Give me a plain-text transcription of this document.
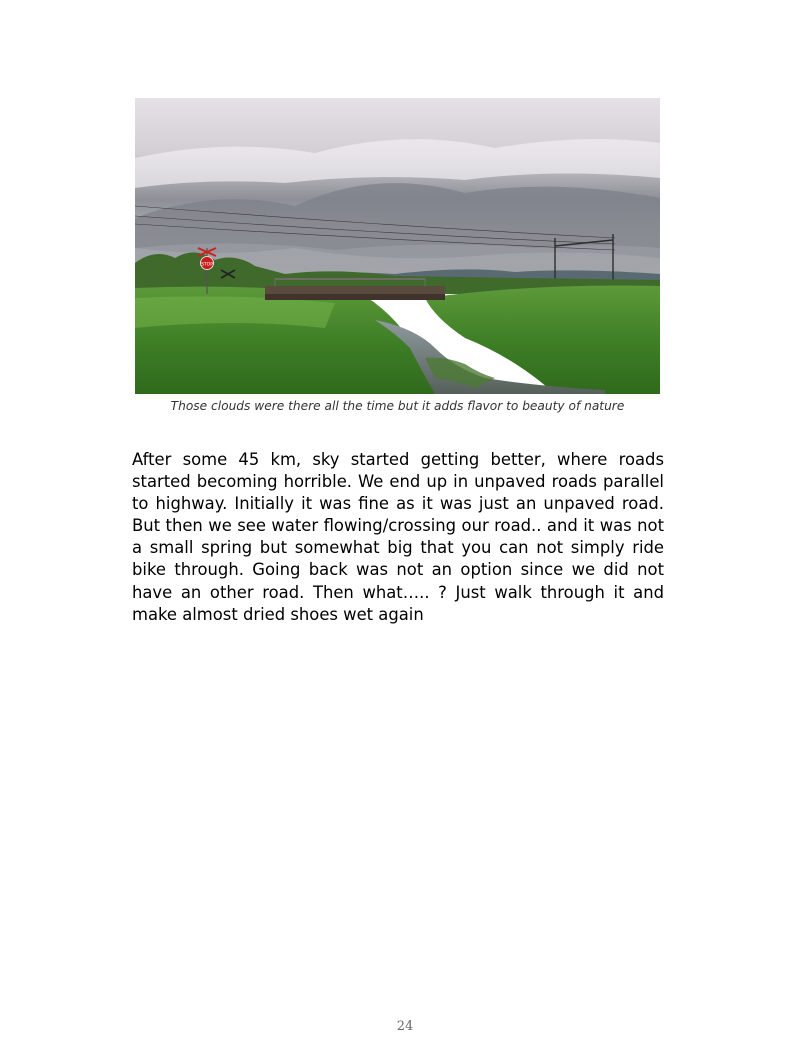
STOP
Those clouds were there all the time but it adds flavor to beauty of nature

After some 45 km, sky started getting better, where roads started becoming horrible. We end up in unpaved roads parallel to highway. Initially it was fine as it was just an unpaved road. But then we see water flowing/crossing our road.. and it was not a small spring but somewhat big that you can not simply ride bike through. Going back was not an option since we did not have an other road. Then what….. ? Just walk through it and make almost dried shoes wet again

24
